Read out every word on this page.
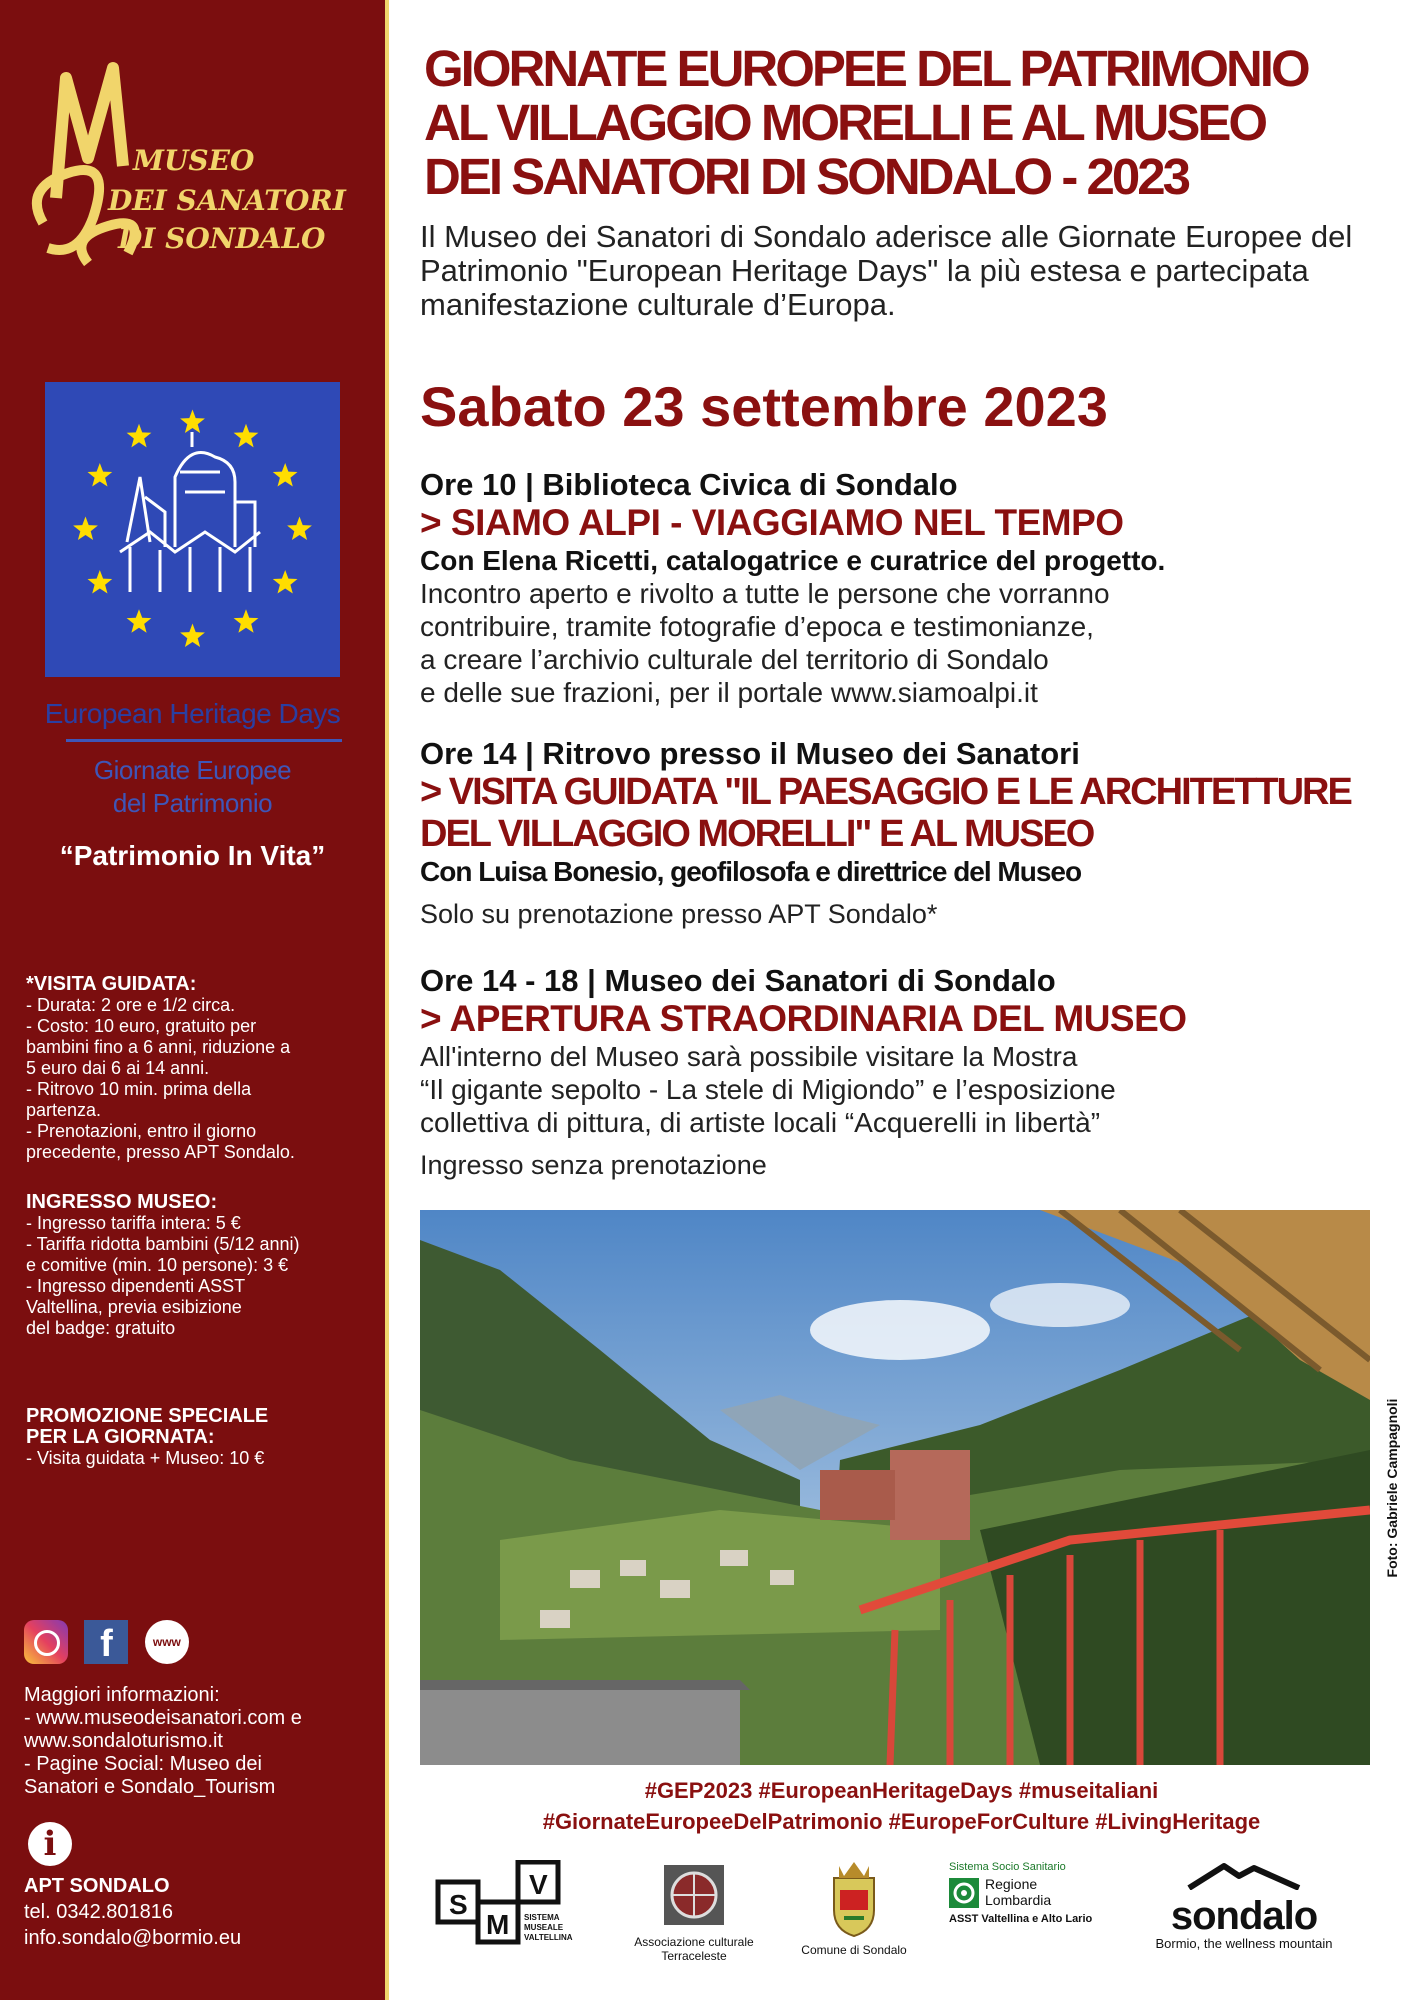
MUSEO
DEI SANATORI
DI SONDALO
European Heritage Days
Giornate Europee
del Patrimonio
“Patrimonio In Vita”
*VISITA GUIDATA:
- Durata: 2 ore e 1/2 circa.
- Costo: 10 euro, gratuito per
bambini fino a 6 anni, riduzione a
5 euro dai 6 ai 14 anni.
- Ritrovo 10 min. prima della
partenza.
- Prenotazioni, entro il giorno
precedente, presso APT Sondalo.
INGRESSO MUSEO:
- Ingresso tariffa intera: 5 €
- Tariffa ridotta bambini (5/12 anni)
e comitive (min. 10 persone): 3 €
- Ingresso dipendenti ASST
Valtellina, previa esibizione
del badge: gratuito
PROMOZIONE SPECIALE
PER LA GIORNATA:
- Visita guidata + Museo: 10 €
f	www
Maggiori informazioni:
- www.museodeisanatori.com e
www.sondaloturismo.it
- Pagine Social: Museo dei
Sanatori e Sondalo_Tourism
i
APT SONDALO
tel. 0342.801816
info.sondalo@bormio.eu
GIORNATE EUROPEE DEL PATRIMONIO
AL VILLAGGIO MORELLI E AL MUSEO
DEI SANATORI DI SONDALO - 2023
Il Museo dei Sanatori di Sondalo aderisce alle Giornate Europee del Patrimonio "European Heritage Days" la più estesa e partecipata manifestazione culturale d’Europa.
Sabato 23 settembre 2023
Ore 10 | Biblioteca Civica di Sondalo
> SIAMO ALPI - VIAGGIAMO NEL TEMPO
Con Elena Ricetti, catalogatrice e curatrice del progetto.
Incontro aperto e rivolto a tutte le persone che vorranno
contribuire, tramite fotografie d’epoca e testimonianze,
a creare l’archivio culturale del territorio di Sondalo
e delle sue frazioni, per il portale www.siamoalpi.it
Ore 14 | Ritrovo presso il Museo dei Sanatori
> VISITA GUIDATA "IL PAESAGGIO E LE ARCHITETTURE
DEL VILLAGGIO MORELLI" E AL MUSEO
Con Luisa Bonesio, geofilosofa e direttrice del Museo
Solo su prenotazione presso APT Sondalo*
Ore 14 - 18 | Museo dei Sanatori di Sondalo
> APERTURA STRAORDINARIA DEL MUSEO
All'interno del Museo sarà possibile visitare la Mostra
“Il gigante sepolto - La stele di Migiondo” e l’esposizione
collettiva di pittura, di artiste locali “Acquerelli in libertà”
Ingresso senza prenotazione
Foto: Gabriele Campagnoli
#GEP2023 #EuropeanHeritageDays #museitaliani
#GiornateEuropeeDelPatrimonio #EuropeForCulture #LivingHeritage
S
M
V
SISTEMA
MUSEALE
VALTELLINA	Associazione culturale
Terraceleste	Comune di Sondalo
Sistema Socio Sanitario
Regione
Lombardia
ASST Valtellina e Alto Lario	sondalo
Bormio, the wellness mountain
